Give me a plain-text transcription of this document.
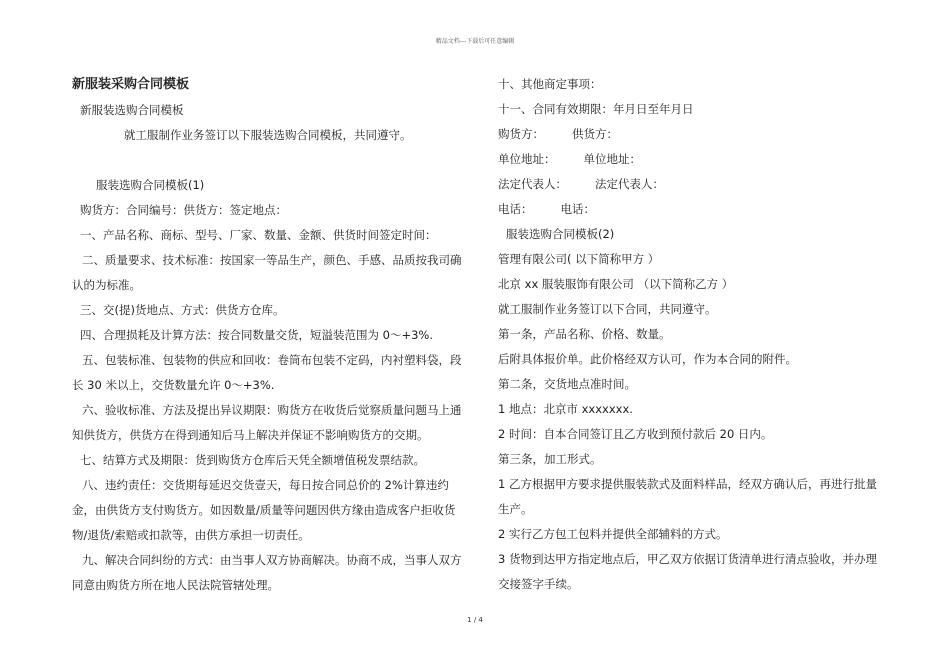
精品文档---下载后可任意编辑
新服装采购合同模板
新服装选购合同模板
就工服制作业务签订以下服装选购合同模板，共同遵守。
服装选购合同模板(1)
购货方：合同编号：供货方：签定地点：
一、产品名称、商标、型号、厂家、数量、金额、供货时间签定时间：
二、质量要求、技术标准：按国家一等品生产，颜色、手感、品质按我司确认的为标准。
三、交(提)货地点、方式：供货方仓库。
四、合理损耗及计算方法：按合同数量交货，短溢装范围为 0～+3%.
五、包装标准、包装物的供应和回收：卷筒布包装不定码，内衬塑料袋，段长 30 米以上，交货数量允许 0～+3%.
六、验收标准、方法及提出异议期限：购货方在收货后觉察质量问题马上通知供货方，供货方在得到通知后马上解决并保证不影响购货方的交期。
七、结算方式及期限：货到购货方仓库后天凭全额增值税发票结款。
八、违约责任：交货期每延迟交货壹天，每日按合同总价的 2%计算违约金，由供货方支付购货方。如因数量/质量等问题因供方缘由造成客户拒收货物/退货/索赔或扣款等，由供方承担一切责任。
九、解决合同纠纷的方式：由当事人双方协商解决。协商不成，当事人双方同意由购货方所在地人民法院管辖处理。
十、其他商定事项：
十一、合同有效期限：年月日至年月日
购货方： 供货方：
单位地址： 单位地址：
法定代表人： 法定代表人：
电话： 电话：
服装选购合同模板(2)
管理有限公司( 以下简称甲方 ）
北京 xx 服装服饰有限公司 （以下简称乙方 ）
就工服制作业务签订以下合同，共同遵守。
第一条，产品名称、价格、数量。
后附具体报价单。此价格经双方认可，作为本合同的附件。
第二条，交货地点准时间。
1 地点：北京市 xxxxxxx.
2 时间：自本合同签订且乙方收到预付款后 20 日内。
第三条，加工形式。
1 乙方根据甲方要求提供服装款式及面料样品，经双方确认后，再进行批量生产。
2 实行乙方包工包料并提供全部辅料的方式。
3 货物到达甲方指定地点后，甲乙双方依据订货清单进行清点验收，并办理交接签字手续。
1 / 4
